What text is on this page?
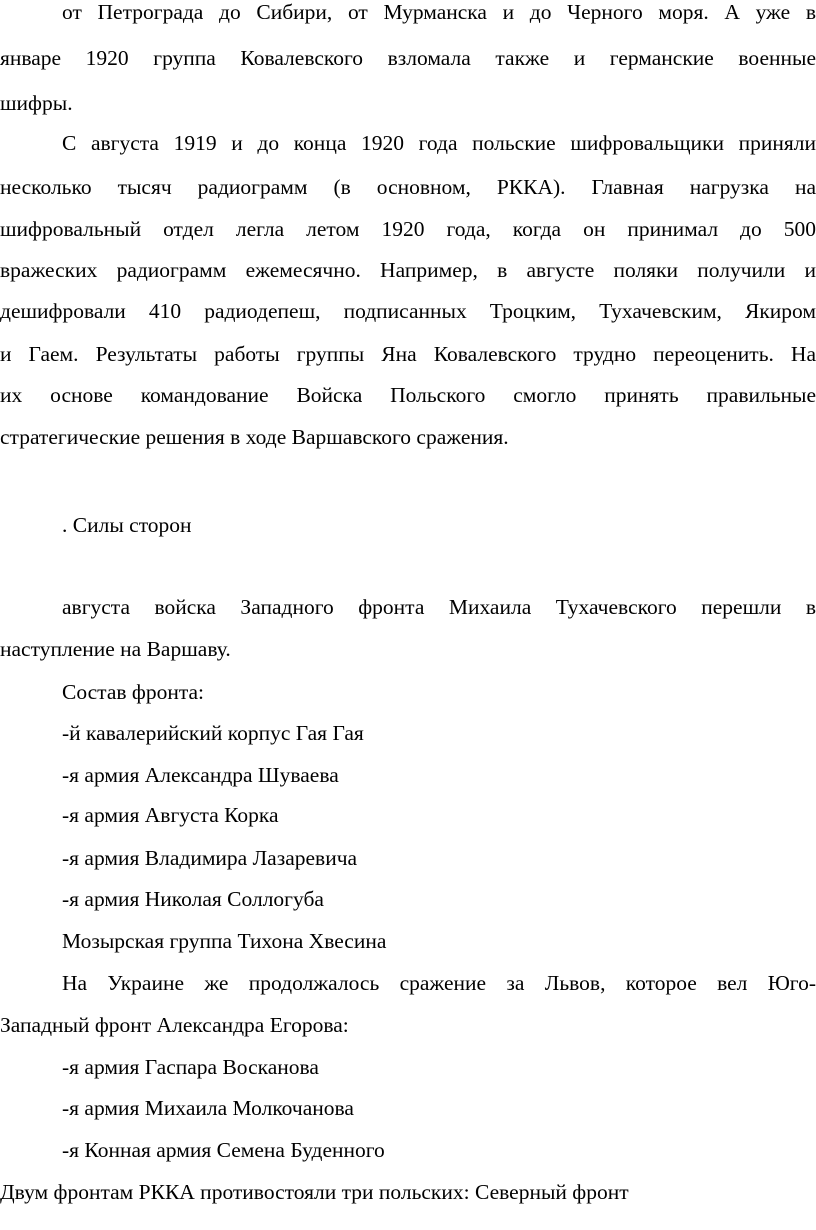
от Петрограда до Сибири, от Мурманска и до Черного моря. А уже в

январе 1920 группа Ковалевского взломала также и германские военные

шифры.

С августа 1919 и до конца 1920 года польские шифровальщики приняли

несколько тысяч радиограмм (в основном, РККА). Главная нагрузка на

шифровальный отдел легла летом 1920 года, когда он принимал до 500

вражеских радиограмм ежемесячно. Например, в августе поляки получили и

дешифровали 410 радиодепеш, подписанных Троцким, Тухачевским, Якиром

и Гаем. Результаты работы группы Яна Ковалевского трудно переоценить. На

их основе командование Войска Польского смогло принять правильные

стратегические решения в ходе Варшавского сражения.

. Силы сторон

августа войска Западного фронта Михаила Тухачевского перешли в

наступление на Варшаву.

Состав фронта:

-й кавалерийский корпус Гая Гая

-я армия Александра Шуваева

-я армия Августа Корка

-я армия Владимира Лазаревича

-я армия Николая Соллогуба

Мозырская группа Тихона Хвесина

На Украине же продолжалось сражение за Львов, которое вел Юго-

Западный фронт Александра Егорова:

-я армия Гаспара Восканова

-я армия Михаила Молкочанова

-я Конная армия Семена Буденного

Двум фронтам РККА противостояли три польских: Северный фронт
